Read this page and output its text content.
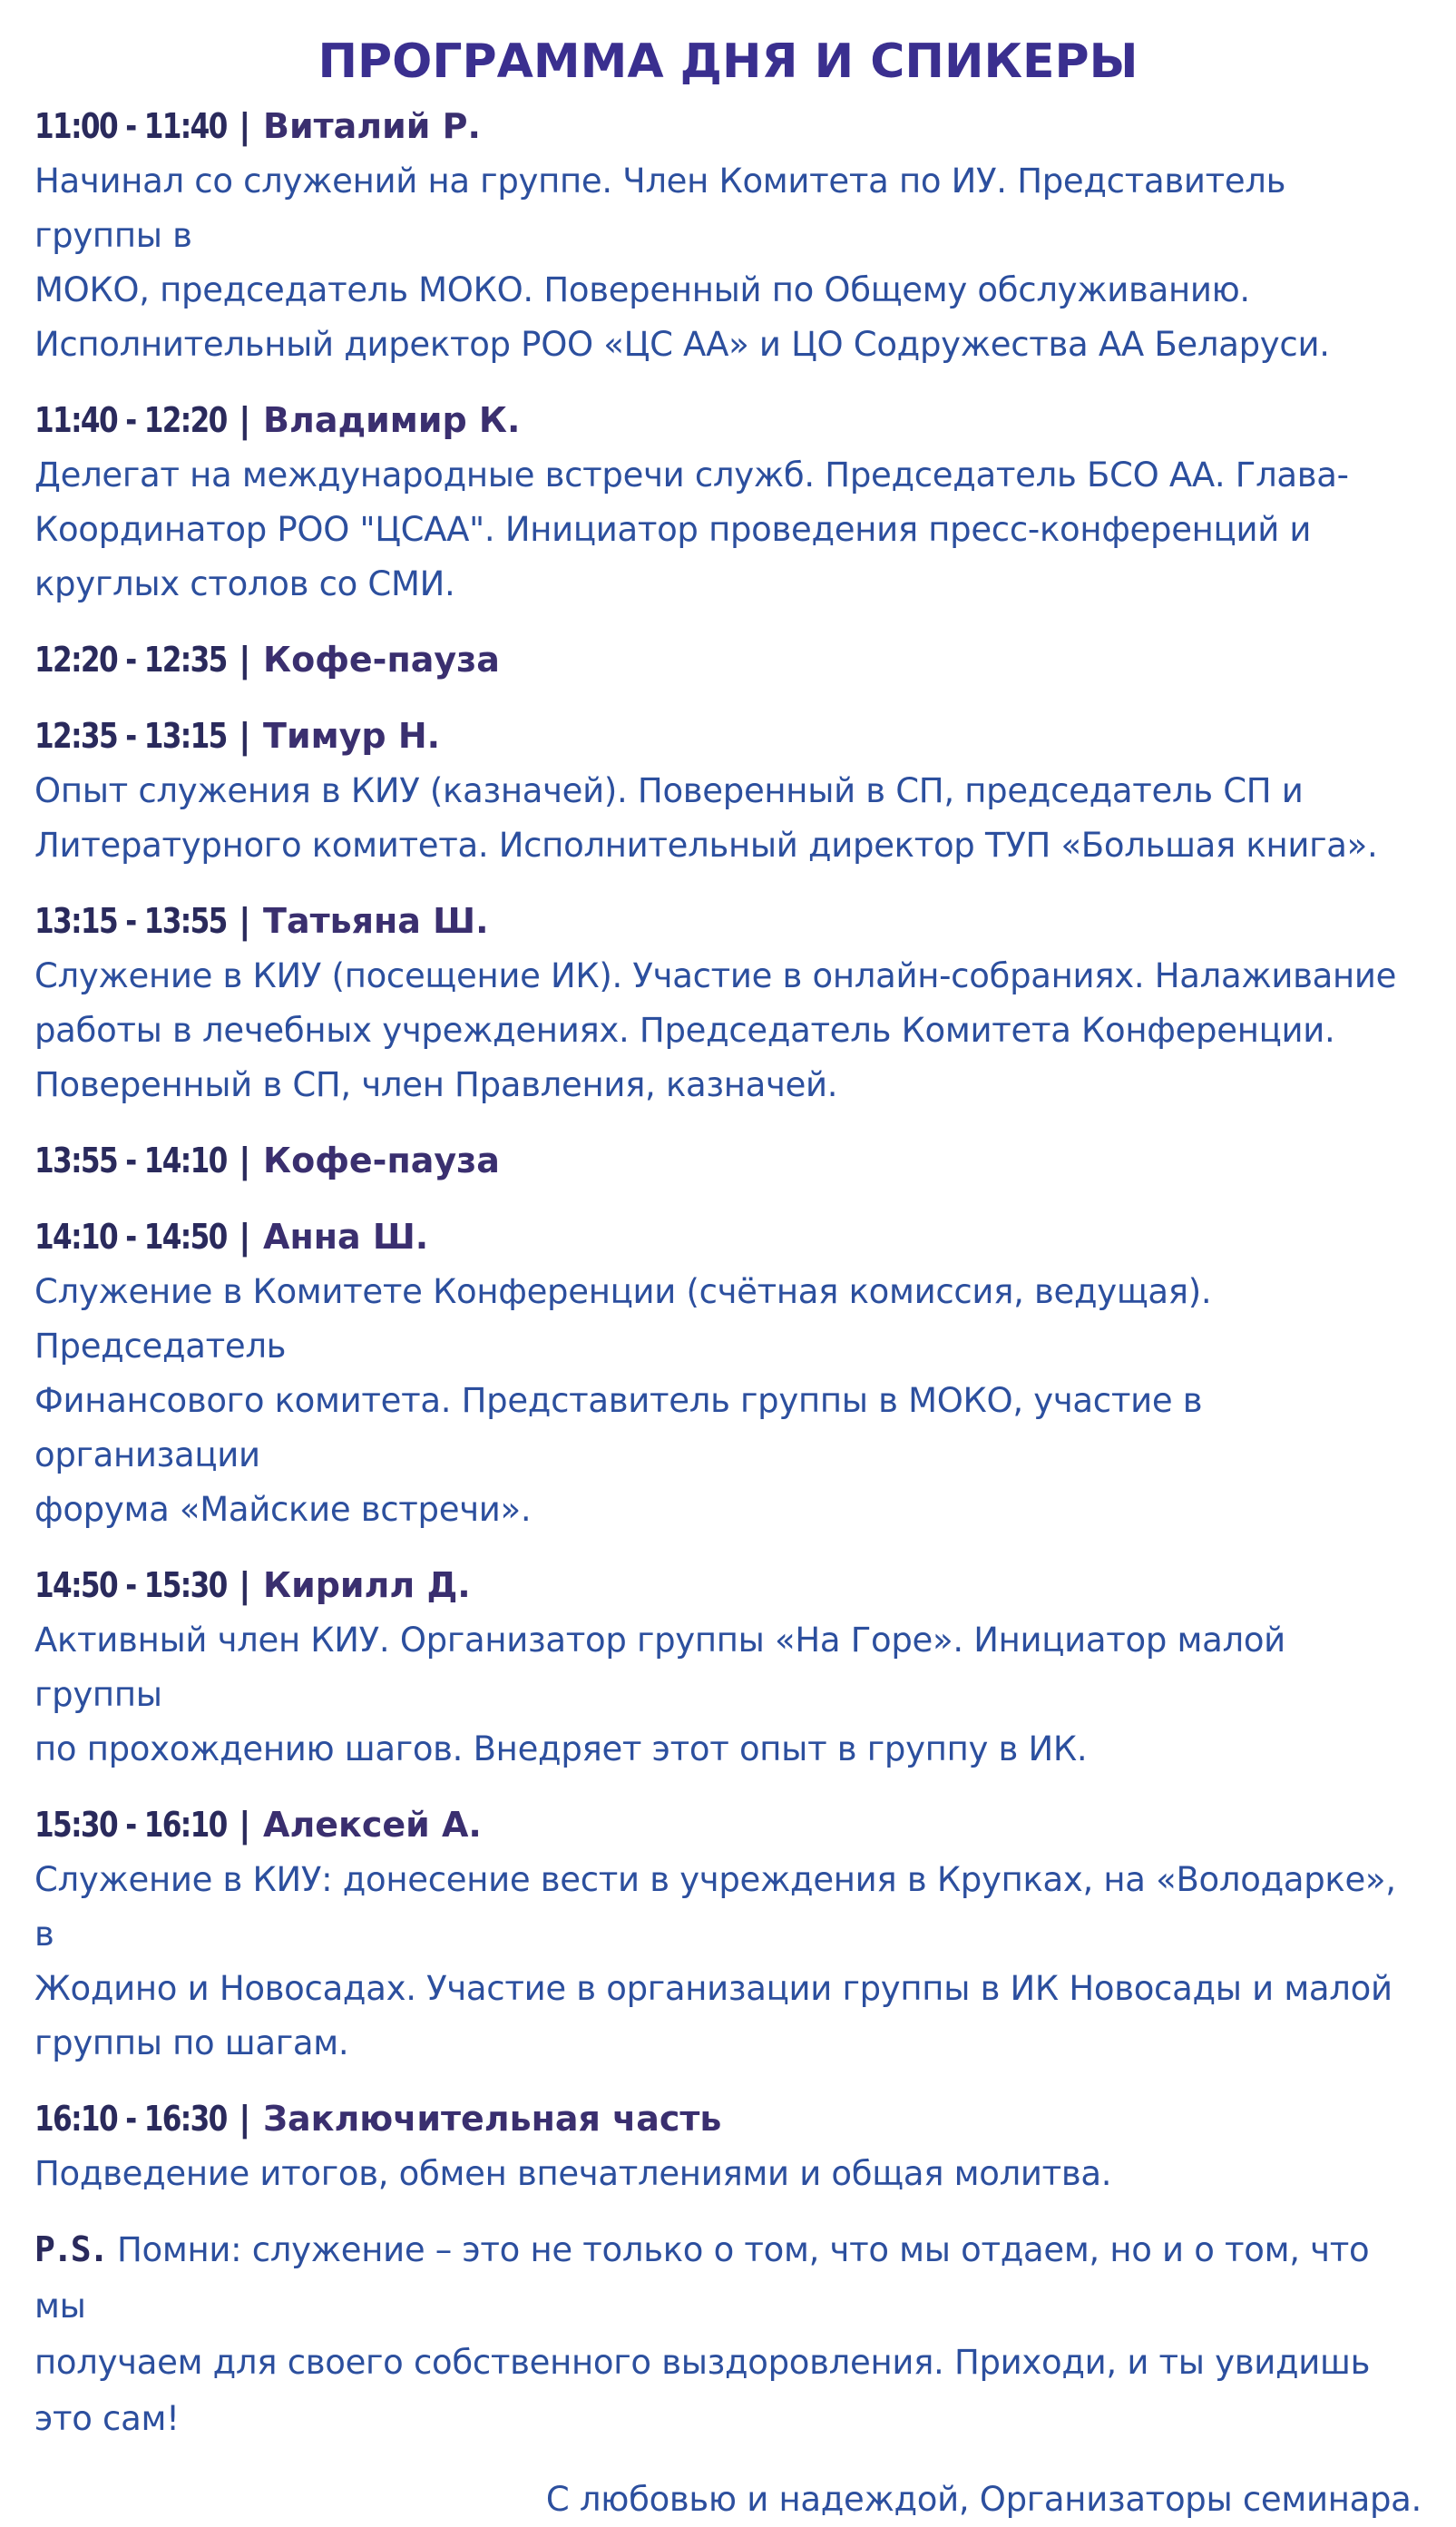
ПРОГРАММА ДНЯ И СПИКЕРЫ
11:00 - 11:40 | Виталий Р.

Начинал со служений на группе. Член Комитета по ИУ. Представитель группы в
МОКО, председатель МОКО. Поверенный по Общему обслуживанию.
Исполнительный директор РОО «ЦС АА» и ЦО Содружества АА Беларуси.

11:40 - 12:20 | Владимир К.

Делегат на международные встречи служб. Председатель БСО АА. Глава-
Координатор РОО "ЦСАА". Инициатор проведения пресс-конференций и
круглых столов со СМИ.

12:20 - 12:35 | Кофе-пауза
12:35 - 13:15 | Тимур Н.

Опыт служения в КИУ (казначей). Поверенный в СП, председатель СП и
Литературного комитета. Исполнительный директор ТУП «Большая книга».

13:15 - 13:55 | Татьяна Ш.

Служение в КИУ (посещение ИК). Участие в онлайн-собраниях. Налаживание
работы в лечебных учреждениях. Председатель Комитета Конференции.
Поверенный в СП, член Правления, казначей.

13:55 - 14:10 | Кофе-пауза
14:10 - 14:50 | Анна Ш.

Служение в Комитете Конференции (счётная комиссия, ведущая). Председатель
Финансового комитета. Представитель группы в МОКО, участие в организации
форума «Майские встречи».

14:50 - 15:30 | Кирилл Д.

Активный член КИУ. Организатор группы «На Горе». Инициатор малой группы
по прохождению шагов. Внедряет этот опыт в группу в ИК.

15:30 - 16:10 | Алексей А.

Служение в КИУ: донесение вести в учреждения в Крупках, на «Володарке», в
Жодино и Новосадах. Участие в организации группы в ИК Новосады и малой
группы по шагам.

16:10 - 16:30 | Заключительная часть

Подведение итогов, обмен впечатлениями и общая молитва.

P.S. Помни: служение – это не только о том, что мы отдаем, но и о том, что мы
получаем для своего собственного выздоровления. Приходи, и ты увидишь
это сам!
С любовью и надеждой, Организаторы семинара.
